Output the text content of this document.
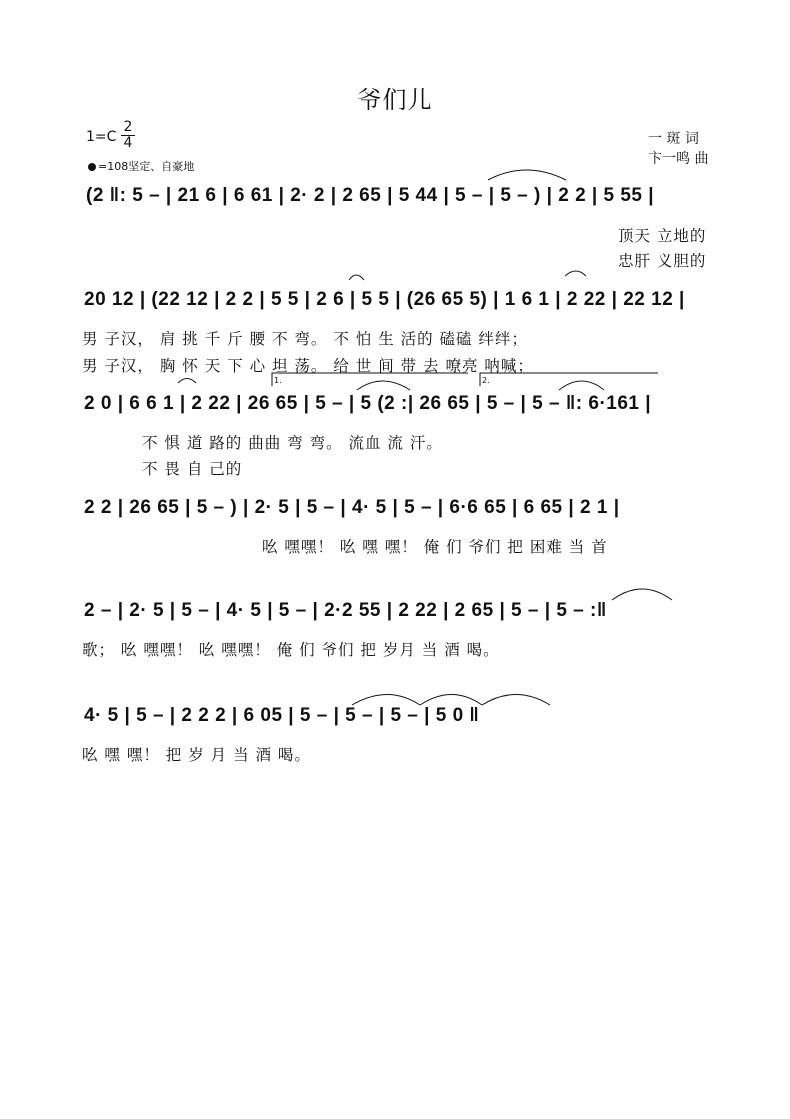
爷们儿
$1=C \frac{2}{4}$
=108坚定、自豪地
一 斑 词
卞一鸣 曲
(2 ‖: 5 – | 21 6 | 6 61 | 2· 2 | 2 65 | 5 44 | 5 – | 5 – ) | 2 2 | 5 55 |
顶天 立地的
忠肝 义胆的
20 12 | (22 12 | 2 2 | 5 5 | 2 6 | 5 5 | (26 65 5) | 1 6 1 | 2 22 | 22 12 |
男 子汉， 肩 挑 千 斤 腰 不 弯。 不 怕 生 活的 磕磕 绊绊；
男 子汉， 胸 怀 天 下 心 坦 荡。 给 世 间 带 去 嘹亮 呐喊；
1.	2.
2 0 | 6 6 1 | 2 22 | 26 65 | 5 – | 5 (2 :| 26 65 | 5 – | 5 – ‖: 6·161 |
不 惧 道 路的 曲曲 弯 弯。 流血 流 汗。
不 畏 自 己的
2 2 | 26 65 | 5 – ) | 2· 5 | 5 – | 4· 5 | 5 – | 6·6 65 | 6 65 | 2 1 |
吆 嘿嘿！ 吆 嘿 嘿！ 俺 们 爷们 把 困难 当 首
2 – | 2· 5 | 5 – | 4· 5 | 5 – | 2·2 55 | 2 22 | 2 65 | 5 – | 5 – :‖
歌； 吆 嘿嘿！ 吆 嘿嘿！ 俺 们 爷们 把 岁月 当 酒 喝。
4· 5 | 5 – | 2 2 2 | 6 05 | 5 – | 5 – | 5 – | 5 0 ‖
吆 嘿 嘿！ 把 岁 月 当 酒 喝。
